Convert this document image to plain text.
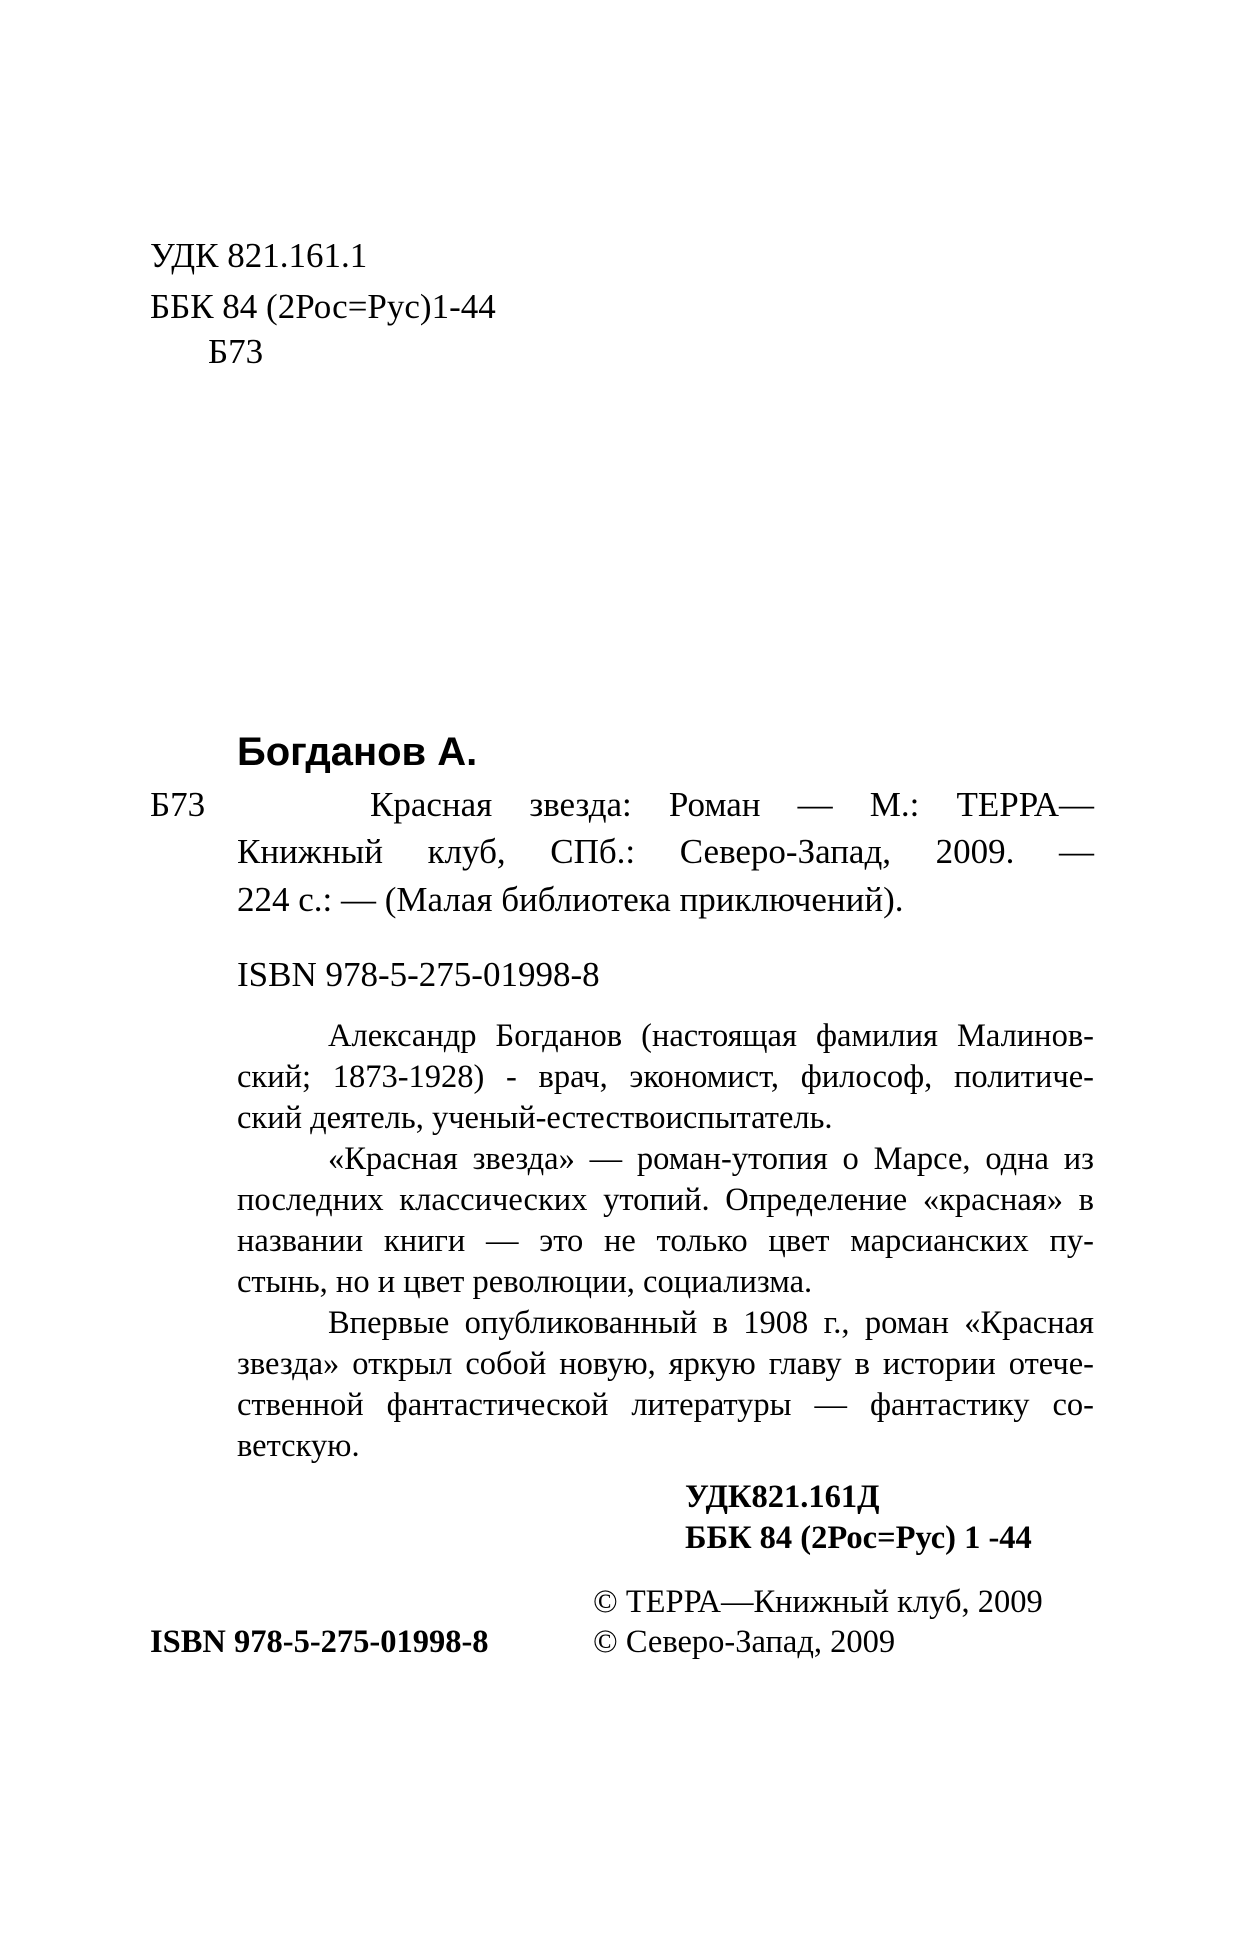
УДК 821.161.1
ББК 84 (2Рос=Рус)1-44
Б73
Богданов А.
Б73	Красная звезда: Роман — М.: ТЕРРА—
Книжный клуб, СПб.: Северо-Запад, 2009. —
224 с.: — (Малая библиотека приключений).
ISBN 978-5-275-01998-8
Александр Богданов (настоящая фамилия Малинов-
ский; 1873-1928) - врач, экономист, философ, политиче-
ский деятель, ученый-естествоиспытатель.
«Красная звезда» — роман-утопия о Марсе, одна из
последних классических утопий. Определение «красная» в
названии книги — это не только цвет марсианских пу-
стынь, но и цвет революции, социализма.
Впервые опубликованный в 1908 г., роман «Красная
звезда» открыл собой новую, яркую главу в истории отече-
ственной фантастической литературы — фантастику со-
ветскую.
УДК821.161Д
ББК 84 (2Рос=Рус) 1 -44
© ТЕРРА—Книжный клуб, 2009
ISBN 978-5-275-01998-8	© Северо-Запад, 2009
